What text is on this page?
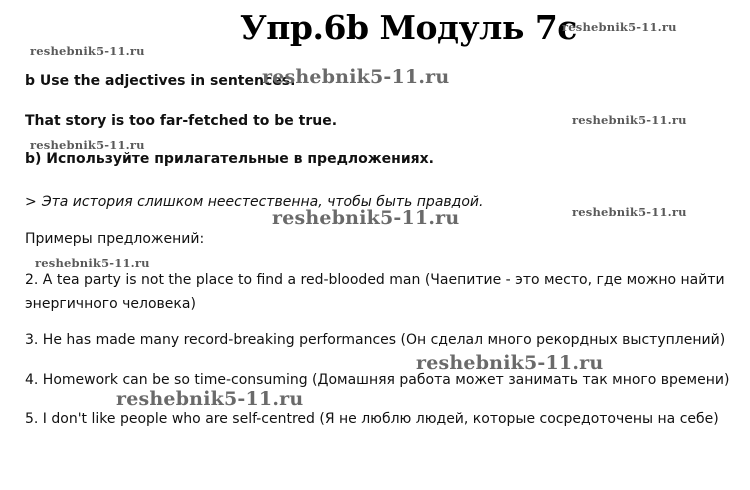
Упр.6b Модуль 7с
reshebnik5-11.ru
reshebnik5-11.ru
b Use the adjectives in sentences.
reshebnik5-11.ru
That story is too far-fetched to be true.	reshebnik5-11.ru
reshebnik5-11.ru
b) Используйте прилагательные в предложениях.
> Эта история слишком неестественна, чтобы быть правдой.
reshebnik5-11.ru	reshebnik5-11.ru
Примеры предложений:
reshebnik5-11.ru
2. A tea party is not the place to find a red-blooded man (Чаепитие - это место, где можно найти энергичного человека)
3. He has made many record-breaking performances (Он сделал много рекордных выступлений)
reshebnik5-11.ru
4. Homework can be so time-consuming (Домашняя работа может занимать так много времени)
reshebnik5-11.ru
5. I don't like people who are self-centred (Я не люблю людей, которые сосредоточены на себе)
